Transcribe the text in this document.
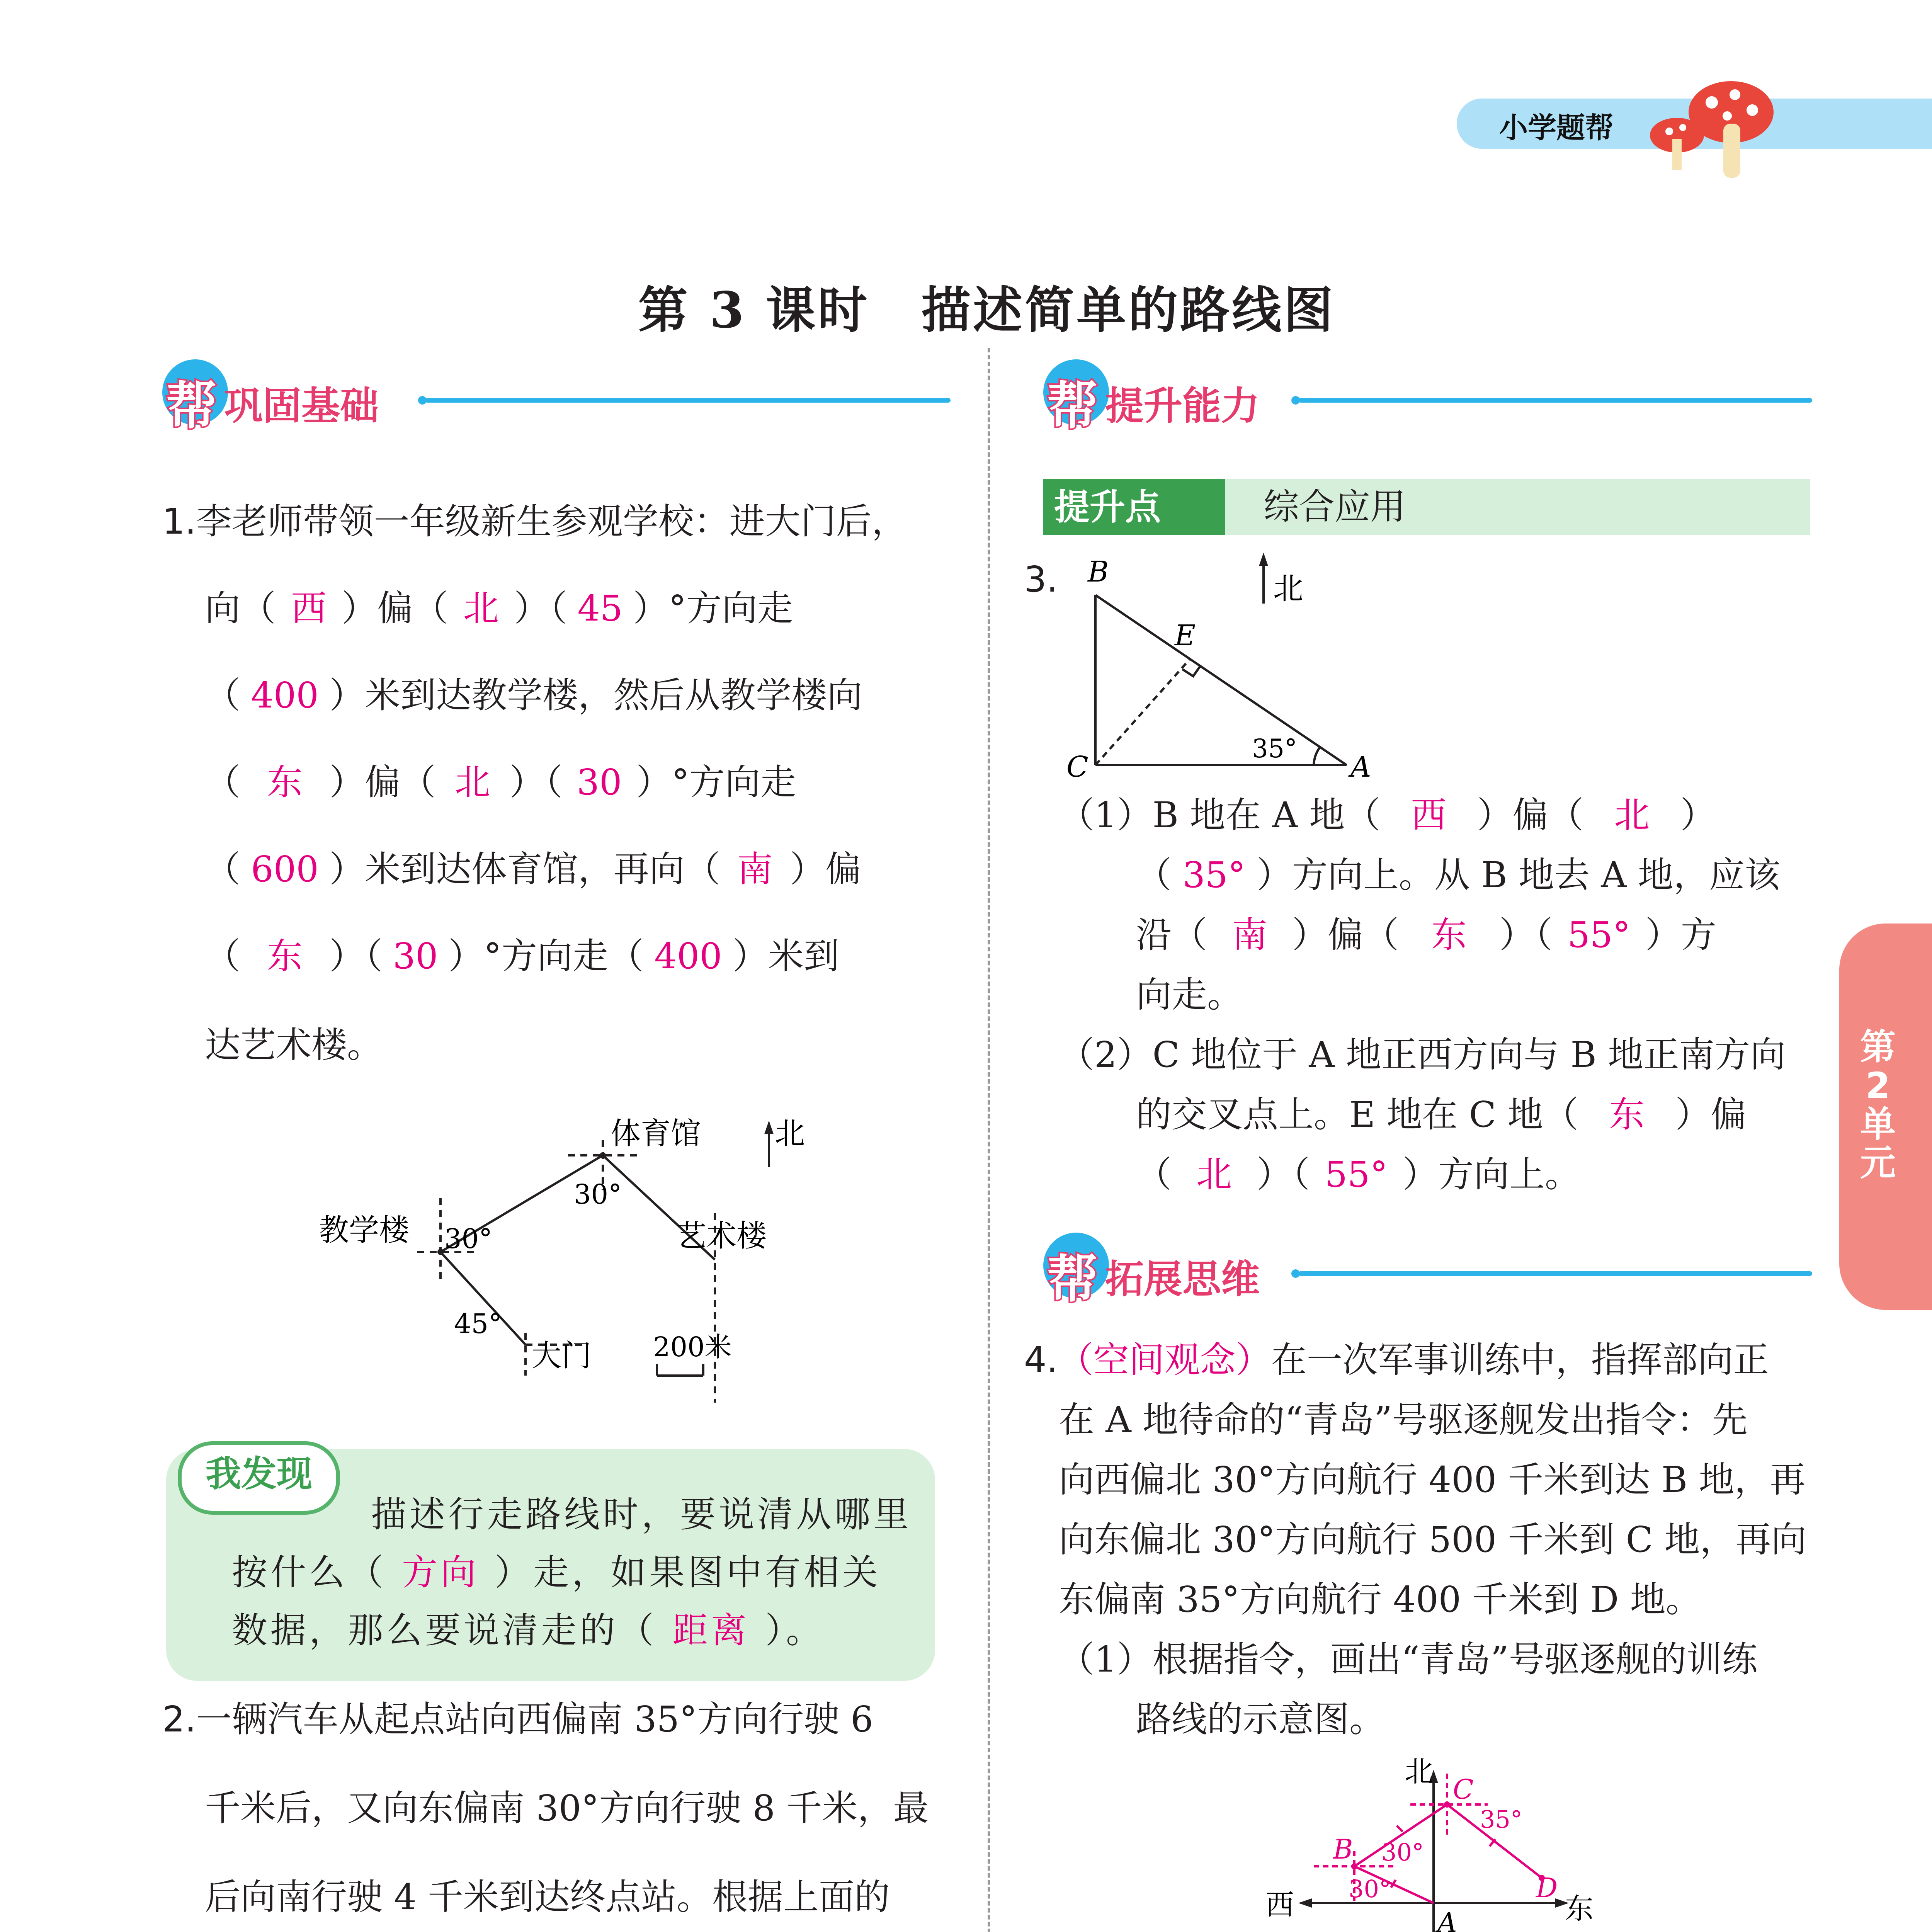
小学题帮
第 3 课时　描述简单的路线图
帮 巩固基础
1.李老师带领一年级新生参观学校：进大门后，
向（ 西 ）偏（ 北 ）（ 45 ）°方向走
（ 400 ）米到达教学楼，然后从教学楼向
（ 东 ）偏（ 北 ）（ 30 ）°方向走
（ 600 ）米到达体育馆，再向（ 南 ）偏
（ 东 ）（ 30 ）°方向走（ 400 ）米到
达艺术楼。
体育馆 北
教学楼	艺术楼
大门
30°
30°
45°
200米
我发现
描述行走路线时，要说清从哪里
按什么（ 方向 ）走，如果图中有相关
数据，那么要说清走的（ 距离 ）。
2.一辆汽车从起点站向西偏南 35°方向行驶 6
千米后，又向东偏南 30°方向行驶 8 千米，最
后向南行驶 4 千米到达终点站。根据上面的
帮 提升能力
提升点	综合应用
3. B
E
C	A
北
35°
（1）B 地在 A 地（ 西 ）偏（ 北 ）
（ 35° ）方向上。从 B 地去 A 地，应该
沿（ 南 ）偏（ 东 ）（ 55° ）方
向走。
（2）C 地位于 A 地正西方向与 B 地正南方向
的交叉点上。E 地在 C 地（ 东 ）偏
（ 北 ）（ 55° ）方向上。
帮 拓展思维
4.（空间观念）在一次军事训练中，指挥部向正
在 A 地待命的“青岛”号驱逐舰发出指令：先
向西偏北 30°方向航行 400 千米到达 B 地，再
向东偏北 30°方向航行 500 千米到 C 地，再向
东偏南 35°方向航行 400 千米到 D 地。
（1）根据指令，画出“青岛”号驱逐舰的训练
路线的示意图。
北
C
35°
B 30°
D
30°
西	东
A
第2单元
